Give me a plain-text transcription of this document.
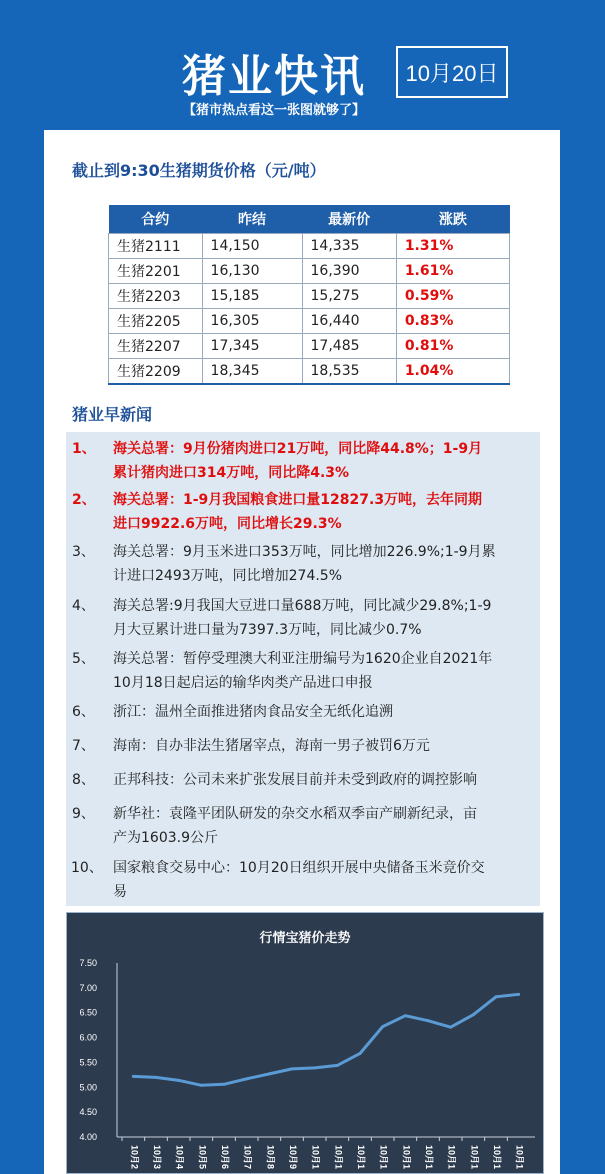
猪业快讯	10月20日
【猪市热点看这一张图就够了】
截止到9:30生猪期货价格（元/吨）
合约	昨结	最新价	涨跌
生猪2111	14,150	14,335	1.31%
生猪2201	16,130	16,390	1.61%
生猪2203	15,185	15,275	0.59%
生猪2205	16,305	16,440	0.83%
生猪2207	17,345	17,485	0.81%
生猪2209	18,345	18,535	1.04%
猪业早新闻
1、	海关总署：9月份猪肉进口21万吨，同比降44.8%；1-9月
累计猪肉进口314万吨，同比降4.3%
2、	海关总署：1-9月我国粮食进口量12827.3万吨，去年同期
进口9922.6万吨，同比增长29.3%
3、	海关总署：9月玉米进口353万吨，同比增加226.9%;1-9月累
计进口2493万吨，同比增加274.5%
4、	海关总署:9月我国大豆进口量688万吨，同比减少29.8%;1-9
月大豆累计进口量为7397.3万吨，同比减少0.7%
5、	海关总署：暂停受理澳大利亚注册编号为1620企业自2021年
10月18日起启运的输华肉类产品进口申报
6、	浙江：温州全面推进猪肉食品安全无纸化追溯
7、	海南：自办非法生猪屠宰点，海南一男子被罚6万元
8、	正邦科技：公司未来扩张发展目前并未受到政府的调控影响
9、	新华社：袁隆平团队研发的杂交水稻双季亩产刷新纪录，亩
产为1603.9公斤
10、 国家粮食交易中心：10月20日组织开展中央储备玉米竞价交
易
行情宝猪价走势
4.00
4.50
5.00
5.50
6.00
6.50
7.00
7.50
10月2 10月3 10月4 10月5 10月6 10月7 10月8 10月9 10月1 10月1 10月1 10月1 10月1 10月1 10月1 10月1 10月1 10月1
